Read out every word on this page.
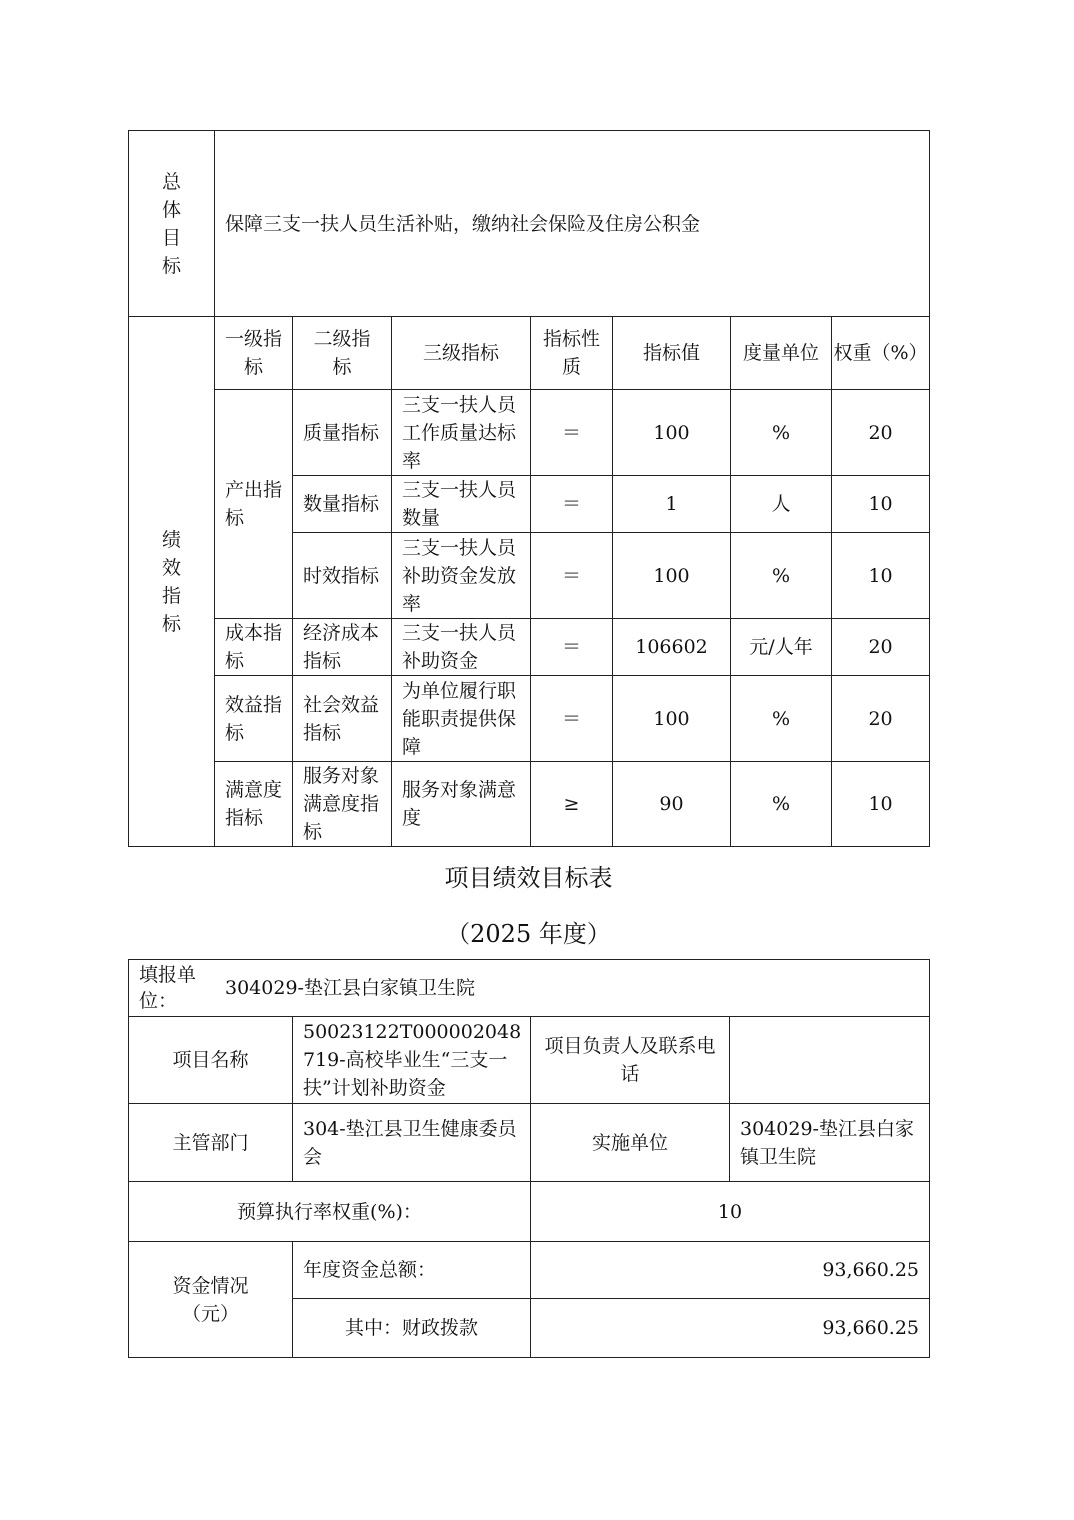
总
体
目
标	保障三支一扶人员生活补贴，缴纳社会保险及住房公积金						

绩
效
指
标	一级指标	二级指标	三级指标	指标性质	指标值	度量单位	权重（%）
	产出指标	质量指标	三支一扶人员工作质量达标率	＝	100	%	20
		数量指标	三支一扶人员数量	＝	1	人	10
		时效指标	三支一扶人员补助资金发放率	＝	100	%	10
	成本指标	经济成本指标	三支一扶人员补助资金	＝	106602	元/人年	20
	效益指标	社会效益指标	为单位履行职能职责提供保障	＝	100	%	20
	满意度指标	服务对象满意度指标	服务对象满意度	≥	90	%	10
项目绩效目标表
（2025 年度）
填报单位：
304029-垫江县白家镇卫生院			

项目名称	50023122T000002048719-高校毕业生“三支一扶”计划补助资金	项目负责人及联系电话	
主管部门	304-垫江县卫生健康委员会	实施单位	304029-垫江县白家镇卫生院
预算执行率权重(%)：		10	
资金情况（元）	年度资金总额：	93,660.25	
	其中：财政拨款	93,660.25	
